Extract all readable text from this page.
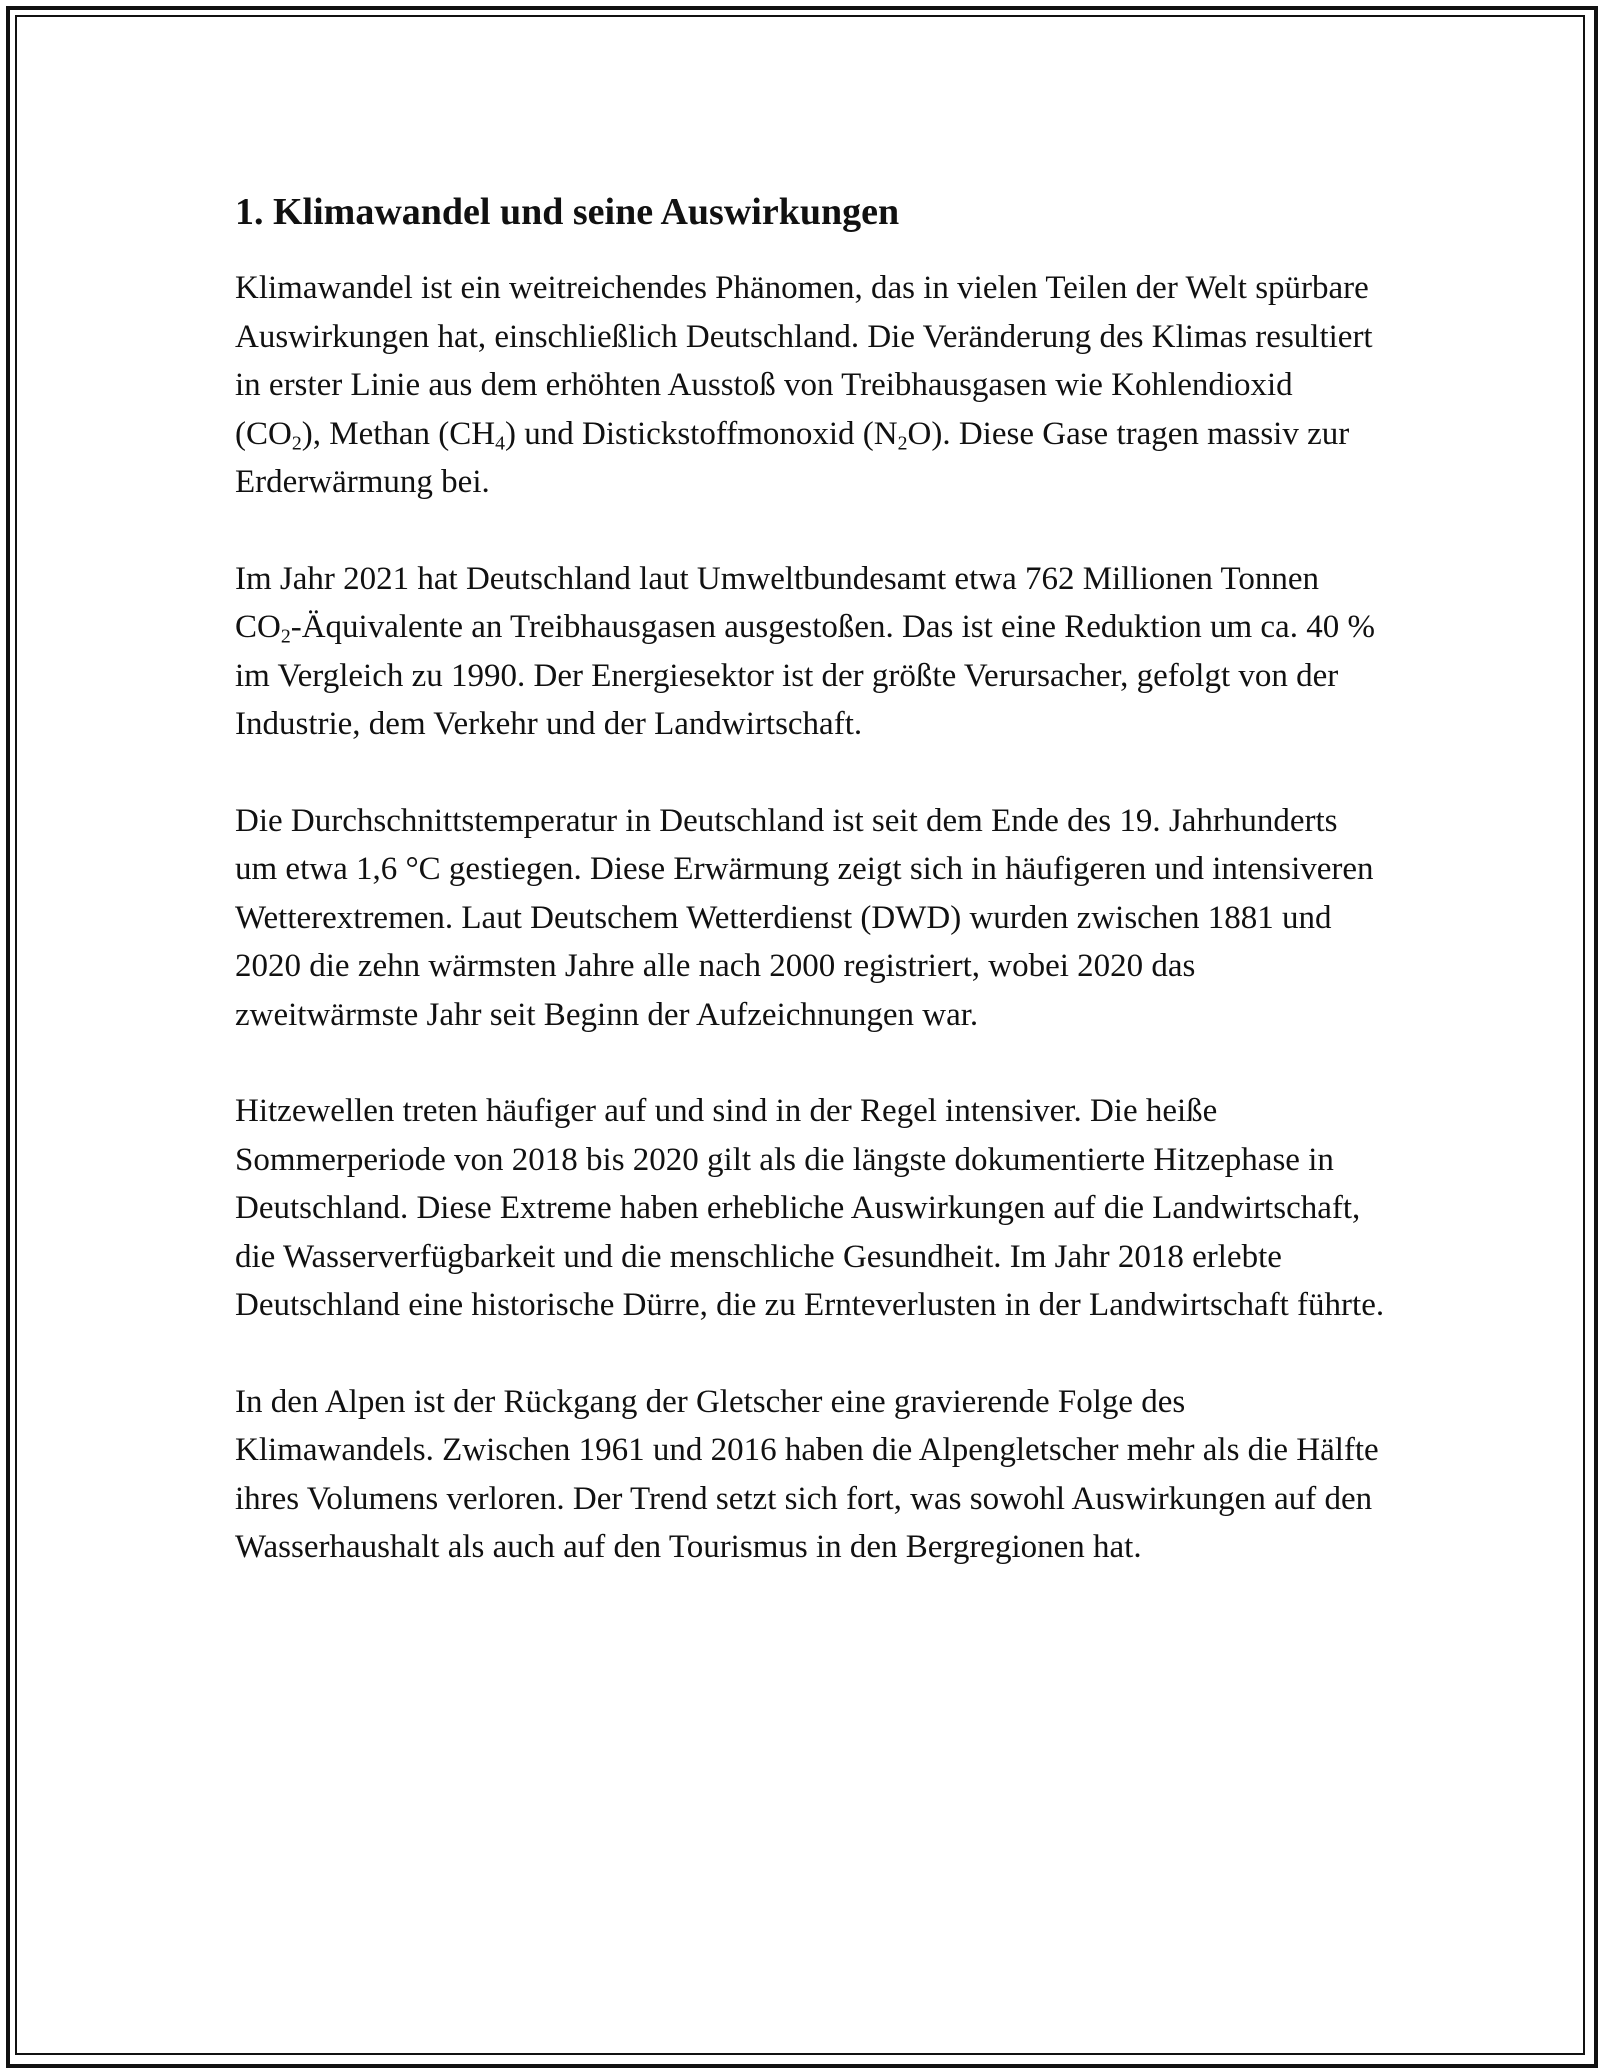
1. Klimawandel und seine Auswirkungen

Klimawandel ist ein weitreichendes Phänomen, das in vielen Teilen der Welt spürbare Auswirkungen hat, einschließlich Deutschland. Die Veränderung des Klimas resultiert in erster Linie aus dem erhöhten Ausstoß von Treibhausgasen wie Kohlendioxid $(CO_2)$, Methan $(CH_4)$ und Distickstoffmonoxid $(N_2O)$. Diese Gase tragen massiv zur Erderwärmung bei.

Im Jahr 2021 hat Deutschland laut Umweltbundesamt etwa 762 Millionen Tonnen $CO_2$-Äquivalente an Treibhausgasen ausgestoßen. Das ist eine Reduktion um ca. 40 % im Vergleich zu 1990. Der Energiesektor ist der größte Verursacher, gefolgt von der Industrie, dem Verkehr und der Landwirtschaft.

Die Durchschnittstemperatur in Deutschland ist seit dem Ende des 19. Jahrhunderts um etwa 1,6 °C gestiegen. Diese Erwärmung zeigt sich in häufigeren und intensiveren Wetterextremen. Laut Deutschem Wetterdienst (DWD) wurden zwischen 1881 und 2020 die zehn wärmsten Jahre alle nach 2000 registriert, wobei 2020 das zweitwärmste Jahr seit Beginn der Aufzeichnungen war.

Hitzewellen treten häufiger auf und sind in der Regel intensiver. Die heiße Sommerperiode von 2018 bis 2020 gilt als die längste dokumentierte Hitzephase in Deutschland. Diese Extreme haben erhebliche Auswirkungen auf die Landwirtschaft, die Wasserverfügbarkeit und die menschliche Gesundheit. Im Jahr 2018 erlebte Deutschland eine historische Dürre, die zu Ernteverlusten in der Landwirtschaft führte.

In den Alpen ist der Rückgang der Gletscher eine gravierende Folge des Klimawandels. Zwischen 1961 und 2016 haben die Alpengletscher mehr als die Hälfte ihres Volumens verloren. Der Trend setzt sich fort, was sowohl Auswirkungen auf den Wasserhaushalt als auch auf den Tourismus in den Bergregionen hat.
